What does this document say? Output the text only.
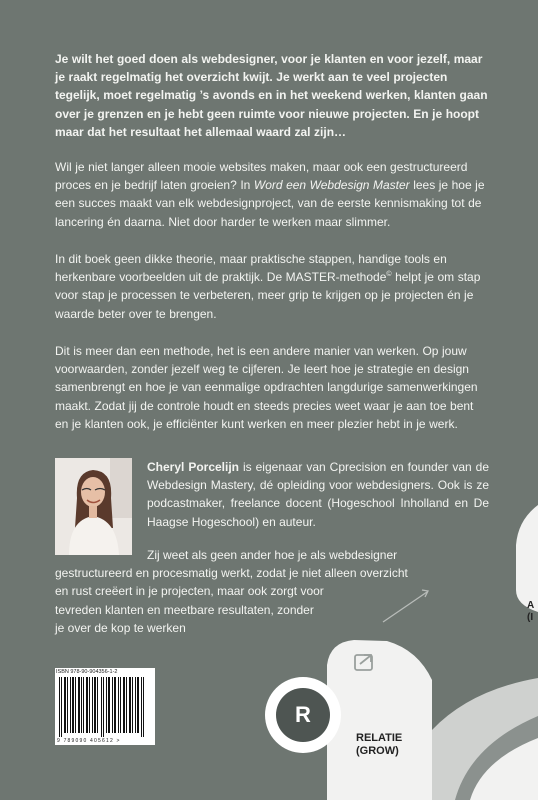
Je wilt het goed doen als webdesigner, voor je klanten en voor jezelf, maar je raakt regelmatig het overzicht kwijt. Je werkt aan te veel projecten tegelijk, moet regelmatig ’s avonds en in het weekend werken, klanten gaan over je grenzen en je hebt geen ruimte voor nieuwe projecten. En je hoopt maar dat het resultaat het allemaal waard zal zijn…

Wil je niet langer alleen mooie websites maken, maar ook een gestructureerd proces en je bedrijf laten groeien? In Word een Webdesign Master lees je hoe je een succes maakt van elk webdesignproject, van de eerste kennismaking tot de lancering én daarna. Niet door harder te werken maar slimmer.

In dit boek geen dikke theorie, maar praktische stappen, handige tools en herkenbare voorbeelden uit de praktijk. De MASTER-methode© helpt je om stap voor stap je processen te verbeteren, meer grip te krijgen op je projecten én je waarde beter over te brengen.

Dit is meer dan een methode, het is een andere manier van werken. Op jouw voorwaarden, zonder jezelf weg te cijferen. Je leert hoe je strategie en design samenbrengt en hoe je van eenmalige opdrachten langdurige samenwerkingen maakt. Zodat jij de controle houdt en steeds precies weet waar je aan toe bent en je klanten ook, je efficiënter kunt werken en meer plezier hebt in je werk.

Cheryl Porcelijn is eigenaar van Cprecision en founder van de Webdesign Mastery, dé opleiding voor webdesigners. Ook is ze podcastmaker, freelance docent (Hogeschool Inholland en De Haagse Hogeschool) en auteur.

Zij weet als geen ander hoe je als webdesigner
gestructureerd en procesmatig werkt, zodat je niet alleen overzicht
en rust creëert in je projecten, maar ook zorgt voor
tevreden klanten en meetbare resultaten, zonder
je over de kop te werken

R
RELATIE
(GROW)
A
(I
ISBN 978-90-904356-1-2
9 789090 405612 >
